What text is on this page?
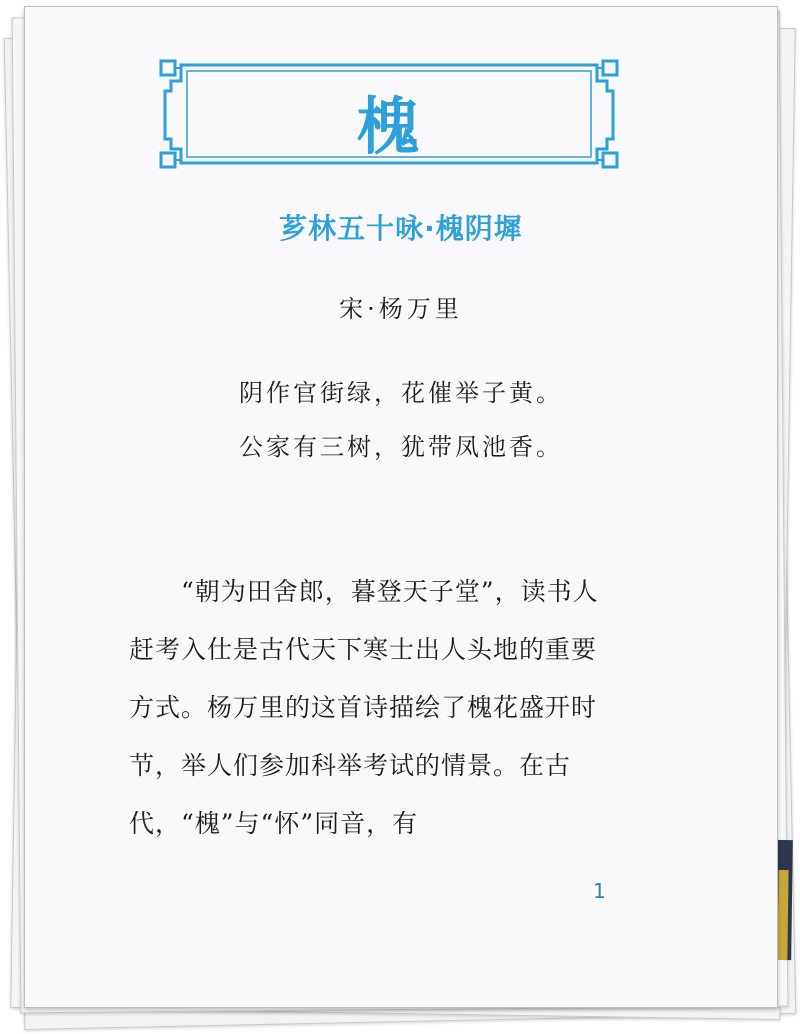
槐
芗林五十咏·槐阴墀
宋·杨万里
阴作官街绿，花催举子黄。
公家有三树，犹带凤池香。
“朝为田舍郎，暮登天子堂”，读书人赶考入仕是古代天下寒士出人头地的重要方式。杨万里的这首诗描绘了槐花盛开时节，举人们参加科举考试的情景。在古代，“槐”与“怀”同音，有
1
